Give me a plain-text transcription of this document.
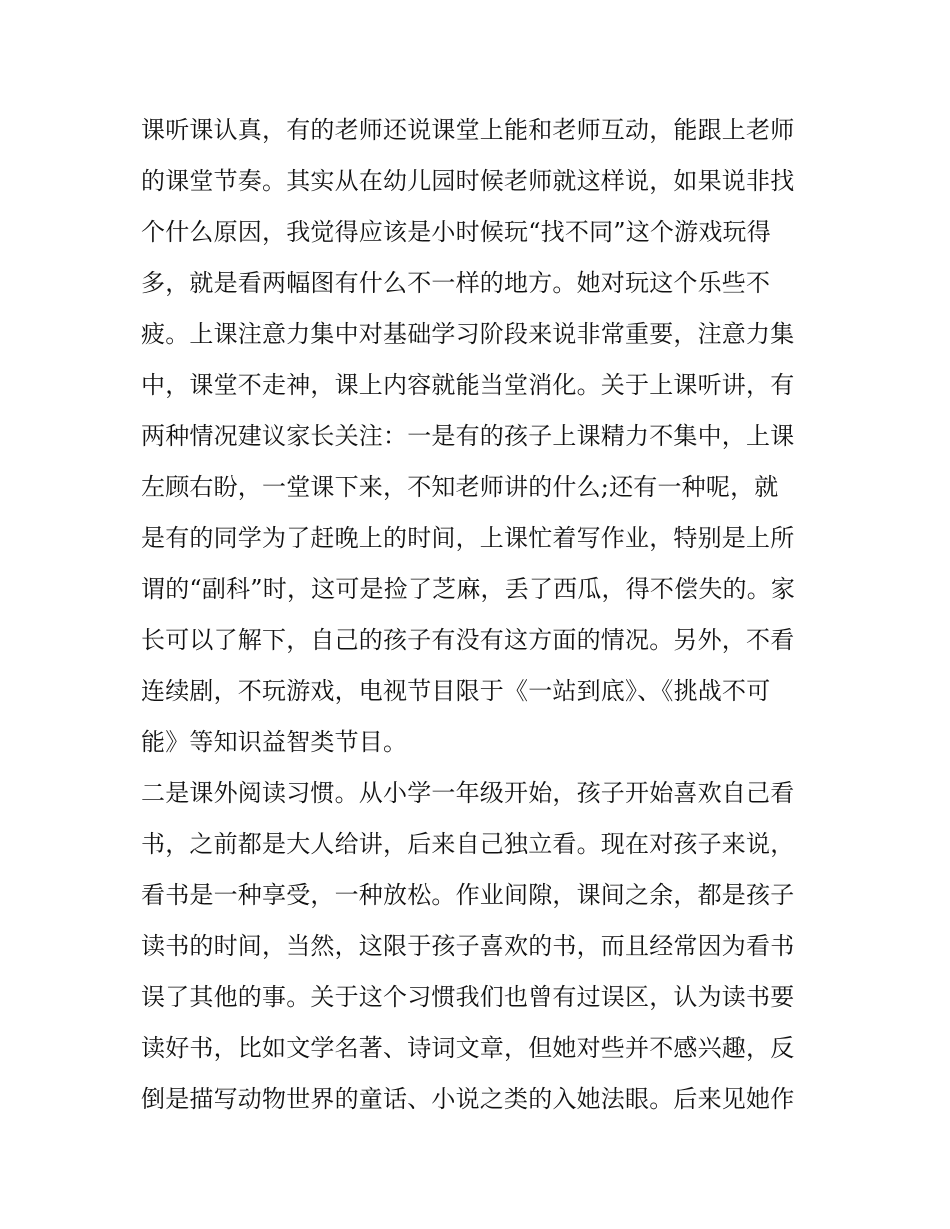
课听课认真，有的老师还说课堂上能和老师互动，能跟上老师
的课堂节奏。其实从在幼儿园时候老师就这样说，如果说非找
个什么原因，我觉得应该是小时候玩“找不同”这个游戏玩得
多，就是看两幅图有什么不一样的地方。她对玩这个乐些不
疲。上课注意力集中对基础学习阶段来说非常重要，注意力集
中，课堂不走神，课上内容就能当堂消化。关于上课听讲，有
两种情况建议家长关注：一是有的孩子上课精力不集中，上课
左顾右盼，一堂课下来，不知老师讲的什么;还有一种呢，就
是有的同学为了赶晚上的时间，上课忙着写作业，特别是上所
谓的“副科”时，这可是捡了芝麻，丢了西瓜，得不偿失的。家
长可以了解下，自己的孩子有没有这方面的情况。另外，不看
连续剧，不玩游戏，电视节目限于《一站到底》、《挑战不可
能》等知识益智类节目。
二是课外阅读习惯。从小学一年级开始，孩子开始喜欢自己看
书，之前都是大人给讲，后来自己独立看。现在对孩子来说，
看书是一种享受，一种放松。作业间隙，课间之余，都是孩子
读书的时间，当然，这限于孩子喜欢的书，而且经常因为看书
误了其他的事。关于这个习惯我们也曾有过误区，认为读书要
读好书，比如文学名著、诗词文章，但她对些并不感兴趣，反
倒是描写动物世界的童话、小说之类的入她法眼。后来见她作
